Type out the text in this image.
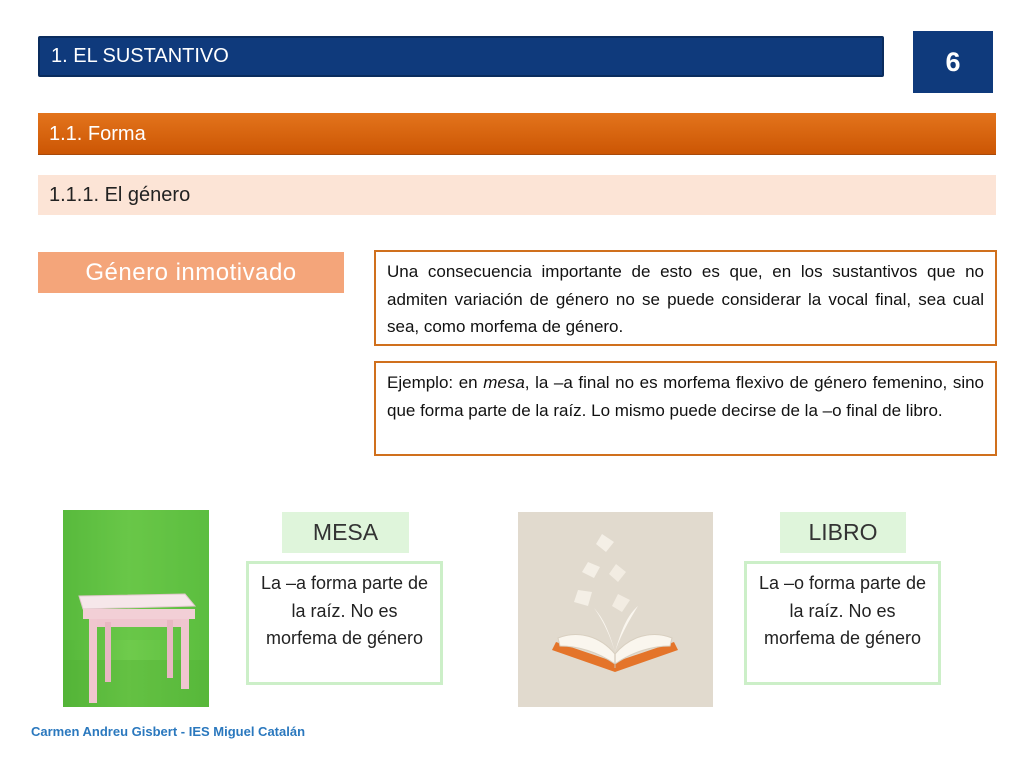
1. EL SUSTANTIVO	6
1.1. Forma
1.1.1. El género
Género inmotivado	Una consecuencia importante de esto es que, en los sustantivos que no admiten variación de género no se puede considerar la vocal final, sea cual sea, como morfema de género.
Ejemplo: en mesa, la –a final no es morfema flexivo de género femenino, sino que forma parte de la raíz. Lo mismo puede decirse de la –o final de libro.
MESA
La –a forma parte de la raíz. No es morfema de género
LIBRO
La –o forma parte de la raíz. No es morfema de género
Carmen Andreu Gisbert - IES Miguel Catalán
